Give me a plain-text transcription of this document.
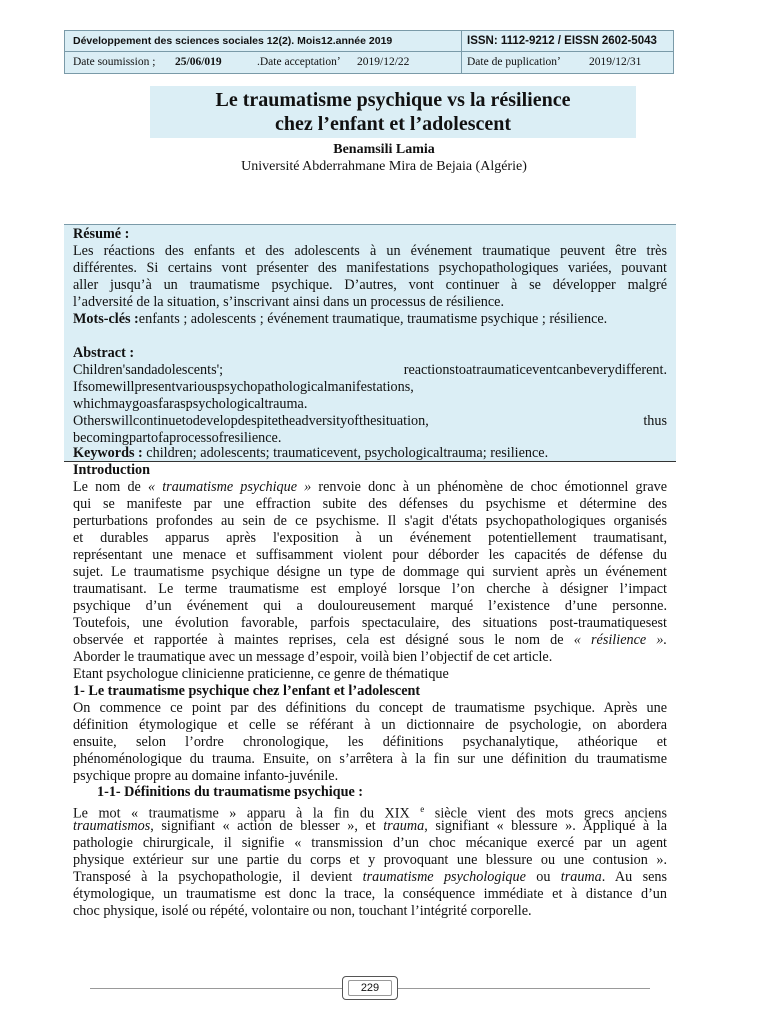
Développement des sciences sociales 12(2). Mois12.année 2019	ISSN: 1112-9212 / EISSN 2602-5043
Date soumission ; 25/06/019	.Date acceptationʼ 2019/12/22	Date de puplicationʼ 2019/12/31
Le traumatisme psychique vs la résilience
chez l’enfant et l’adolescent
Benamsili Lamia
Université Abderrahmane Mira de Bejaia (Algérie)
Résumé :
Les réactions des enfants et des adolescents à un événement traumatique peuvent être très
différentes. Si certains vont présenter des manifestations psychopathologiques variées, pouvant
aller jusqu’à un traumatisme psychique. D’autres, vont continuer à se développer malgré
l’adversité de la situation, s’inscrivant ainsi dans un processus de résilience.
Mots-clés :enfants ; adolescents ; événement traumatique, traumatisme psychique ; résilience.
Abstract :
Children'sandadolescents';	reactionstoatraumaticeventcanbeverydifferent.
Ifsomewillpresentvariouspsychopathologicalmanifestations,
whichmaygoasfaraspsychologicaltrauma.
Otherswillcontinuetodevelopdespitetheadversityofthesituation,	thus
becomingpartofaprocessofresilience.
Keywords : children; adolescents; traumaticevent, psychologicaltrauma; resilience.
Introduction
Le nom de « traumatisme psychique » renvoie donc à un phénomène de choc émotionnel grave
qui se manifeste par une effraction subite des défenses du psychisme et détermine des
perturbations profondes au sein de ce psychisme. Il s'agit d'états psychopathologiques organisés
et durables apparus après l'exposition à un événement potentiellement traumatisant,
représentant une menace et suffisamment violent pour déborder les capacités de défense du
sujet. Le traumatisme psychique désigne un type de dommage qui survient après un événement
traumatisant. Le terme traumatisme est employé lorsque l’on cherche à désigner l’impact
psychique d’un événement qui a douloureusement marqué l’existence d’une personne.
Toutefois, une évolution favorable, parfois spectaculaire, des situations post-traumatiquesest
observée et rapportée à maintes reprises, cela est désigné sous le nom de « résilience ».
Aborder le traumatique avec un message d’espoir, voilà bien l’objectif de cet article.
Etant psychologue clinicienne praticienne, ce genre de thématique
1- Le traumatisme psychique chez l’enfant et l’adolescent
On commence ce point par des définitions du concept de traumatisme psychique. Après une
définition étymologique et celle se référant à un dictionnaire de psychologie, on abordera
ensuite, selon l’ordre chronologique, les définitions psychanalytique, athéorique et
phénoménologique du trauma. Ensuite, on s’arrêtera à la fin sur une définition du traumatisme
psychique propre au domaine infanto-juvénile.
1-1- Définitions du traumatisme psychique :
Le mot « traumatisme » apparu à la fin du XIX $^e$ siècle vient des mots grecs anciens
traumatismos, signifiant « action de blesser », et trauma, signifiant « blessure ». Appliqué à la
pathologie chirurgicale, il signifie « transmission d’un choc mécanique exercé par un agent
physique extérieur sur une partie du corps et y provoquant une blessure ou une contusion ».
Transposé à la psychopathologie, il devient traumatisme psychologique ou trauma. Au sens
étymologique, un traumatisme est donc la trace, la conséquence immédiate et à distance d’un
choc physique, isolé ou répété, volontaire ou non, touchant l’intégrité corporelle.
229
